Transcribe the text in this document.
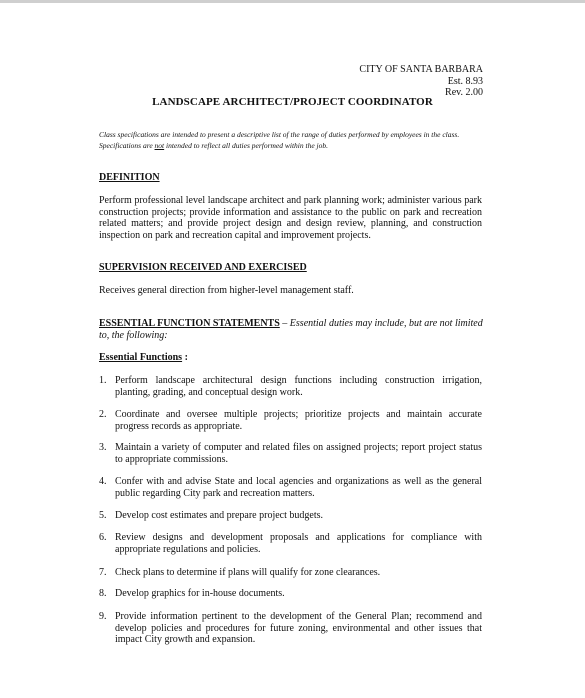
CITY OF SANTA BARBARA
Est. 8.93
Rev. 2.00
LANDSCAPE ARCHITECT/PROJECT COORDINATOR
Class specifications are intended to present a descriptive list of the range of duties performed by employees in the class.
Specifications are not intended to reflect all duties performed within the job.
DEFINITION
Perform professional level landscape architect and park planning work; administer various park construction projects; provide information and assistance to the public on park and recreation related matters; and provide project design and design review, planning, and construction inspection on park and recreation capital and improvement projects.
SUPERVISION RECEIVED AND EXERCISED
Receives general direction from higher-level management staff.
ESSENTIAL FUNCTION STATEMENTS – Essential duties may include, but are not limited to, the following:
Essential Functions :
1. Perform landscape architectural design functions including construction irrigation, planting, grading, and conceptual design work.
2. Coordinate and oversee multiple projects; prioritize projects and maintain accurate progress records as appropriate.
3. Maintain a variety of computer and related files on assigned projects; report project status to appropriate commissions.
4. Confer with and advise State and local agencies and organizations as well as the general public regarding City park and recreation matters.
5. Develop cost estimates and prepare project budgets.
6. Review designs and development proposals and applications for compliance with appropriate regulations and policies.
7. Check plans to determine if plans will qualify for zone clearances.
8. Develop graphics for in-house documents.
9. Provide information pertinent to the development of the General Plan; recommend and develop policies and procedures for future zoning, environmental and other issues that impact City growth and expansion.
